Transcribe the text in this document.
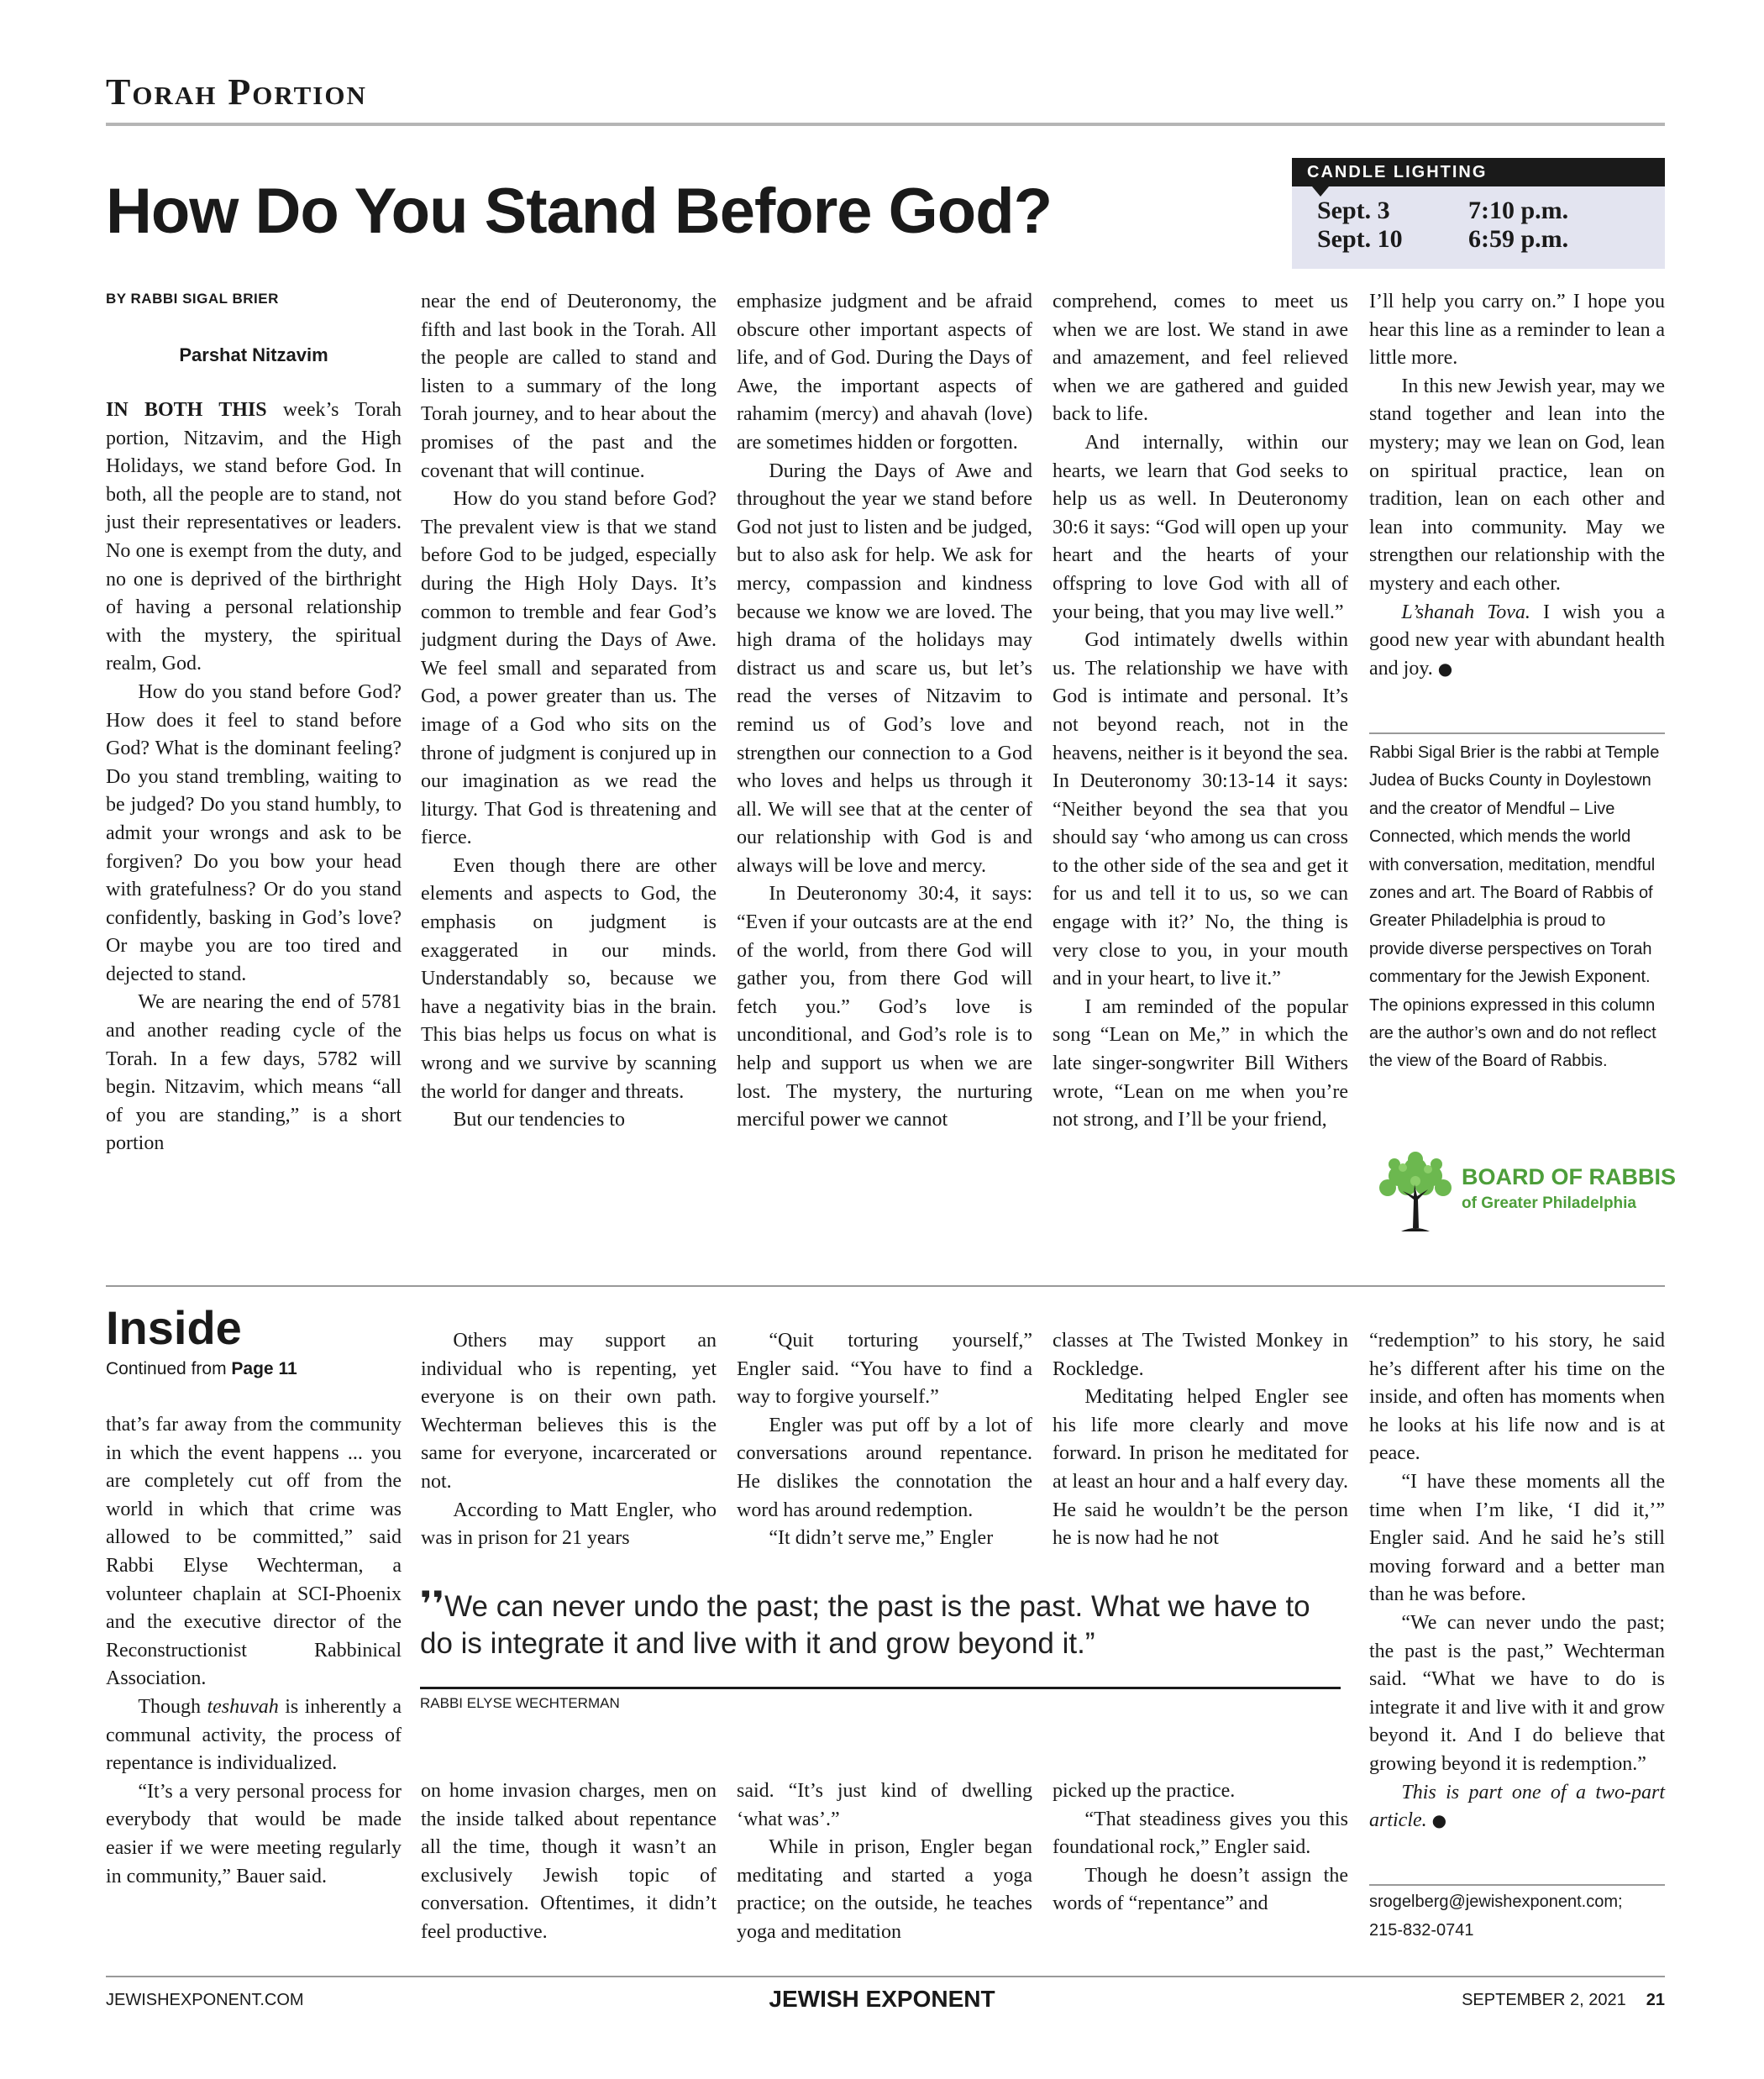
Torah Portion
How Do You Stand Before God?
CANDLE LIGHTING
Sept. 3	7:10 p.m.
Sept. 10	6:59 p.m.
BY RABBI SIGAL BRIER
Parshat Nitzavim

IN BOTH THIS week’s Torah portion, Nitzavim, and the High Holidays, we stand before God. In both, all the people are to stand, not just their representatives or leaders. No one is exempt from the duty, and no one is deprived of the birthright of having a personal relationship with the mystery, the spiritual realm, God.

How do you stand before God? How does it feel to stand before God? What is the dominant feeling? Do you stand trembling, waiting to be judged? Do you stand humbly, to admit your wrongs and ask to be forgiven? Do you bow your head with gratefulness? Or do you stand confidently, basking in God’s love? Or maybe you are too tired and dejected to stand.

We are nearing the end of 5781 and another reading cycle of the Torah. In a few days, 5782 will begin. Nitzavim, which means “all of you are standing,” is a short portion

near the end of Deuteronomy, the fifth and last book in the Torah. All the people are called to stand and listen to a summary of the long Torah journey, and to hear about the promises of the past and the covenant that will continue.

How do you stand before God? The prevalent view is that we stand before God to be judged, especially during the High Holy Days. It’s common to tremble and fear God’s judgment during the Days of Awe. We feel small and separated from God, a power greater than us. The image of a God who sits on the throne of judgment is conjured up in our imagination as we read the liturgy. That God is threatening and fierce.

Even though there are other elements and aspects to God, the emphasis on judgment is exaggerated in our minds. Understandably so, because we have a negativity bias in the brain. This bias helps us focus on what is wrong and we survive by scanning the world for danger and threats.

But our tendencies to

emphasize judgment and be afraid obscure other important aspects of life, and of God. During the Days of Awe, the important aspects of rahamim (mercy) and ahavah (love) are sometimes hidden or forgotten.

During the Days of Awe and throughout the year we stand before God not just to listen and be judged, but to also ask for help. We ask for mercy, compassion and kindness because we know we are loved. The high drama of the holidays may distract us and scare us, but let’s read the verses of Nitzavim to remind us of God’s love and strengthen our connection to a God who loves and helps us through it all. We will see that at the center of our relationship with God is and always will be love and mercy.

In Deuteronomy 30:4, it says: “Even if your outcasts are at the end of the world, from there God will gather you, from there God will fetch you.” God’s love is unconditional, and God’s role is to help and support us when we are lost. The mystery, the nurturing merciful power we cannot

comprehend, comes to meet us when we are lost. We stand in awe and amazement, and feel relieved when we are gathered and guided back to life.

And internally, within our hearts, we learn that God seeks to help us as well. In Deuteronomy 30:6 it says: “God will open up your heart and the hearts of your offspring to love God with all of your being, that you may live well.”

God intimately dwells within us. The relationship we have with God is intimate and personal. It’s not beyond reach, not in the heavens, neither is it beyond the sea. In Deuteronomy 30:13-14 it says: “Neither beyond the sea that you should say ‘who among us can cross to the other side of the sea and get it for us and tell it to us, so we can engage with it?’ No, the thing is very close to you, in your mouth and in your heart, to live it.”

I am reminded of the popular song “Lean on Me,” in which the late singer-songwriter Bill Withers wrote, “Lean on me when you’re not strong, and I’ll be your friend,

I’ll help you carry on.” I hope you hear this line as a reminder to lean a little more.

In this new Jewish year, may we stand together and lean into the mystery; may we lean on God, lean on spiritual practice, lean on tradition, lean on each other and lean into community. May we strengthen our relationship with the mystery and each other.

L’shanah Tova. I wish you a good new year with abundant health and joy. ●

Rabbi Sigal Brier is the rabbi at Temple Judea of Bucks County in Doylestown and the creator of Mendful – Live Connected, which mends the world with conversation, meditation, mendful zones and art. The Board of Rabbis of Greater Philadelphia is proud to provide diverse perspectives on Torah commentary for the Jewish Exponent. The opinions expressed in this column are the author’s own and do not reflect the view of the Board of Rabbis.
BOARD OF RABBIS
of Greater Philadelphia
Inside
Continued from Page 11

that’s far away from the community in which the event happens ... you are completely cut off from the world in which that crime was allowed to be committed,” said Rabbi Elyse Wechterman, a volunteer chaplain at SCI-Phoenix and the executive director of the Reconstructionist Rabbinical Association.

Though teshuvah is inherently a communal activity, the process of repentance is individualized.

“It’s a very personal process for everybody that would be made easier if we were meeting regularly in community,” Bauer said.

Others may support an individual who is repenting, yet everyone is on their own path. Wechterman believes this is the same for everyone, incarcerated or not.

According to Matt Engler, who was in prison for 21 years

on home invasion charges, men on the inside talked about repentance all the time, though it wasn’t an exclusively Jewish topic of conversation. Oftentimes, it didn’t feel productive.

“Quit torturing yourself,” Engler said. “You have to find a way to forgive yourself.”

Engler was put off by a lot of conversations around repentance. He dislikes the connotation the word has around redemption.

“It didn’t serve me,” Engler

said. “It’s just kind of dwelling ‘what was’.”

While in prison, Engler began meditating and started a yoga practice; on the outside, he teaches yoga and meditation

classes at The Twisted Monkey in Rockledge.

Meditating helped Engler see his life more clearly and move forward. In prison he meditated for at least an hour and a half every day. He said he wouldn’t be the person he is now had he not

picked up the practice.

“That steadiness gives you this foundational rock,” Engler said.

Though he doesn’t assign the words of “repentance” and

“redemption” to his story, he said he’s different after his time on the inside, and often has moments when he looks at his life now and is at peace.

“I have these moments all the time when I’m like, ‘I did it,’” Engler said. And he said he’s still moving forward and a better man than he was before.

“We can never undo the past; the past is the past,” Wechterman said. “What we have to do is integrate it and live with it and grow beyond it. And I do believe that growing beyond it is redemption.”

This is part one of a two-part article. ●

❜❜We can never undo the past; the past is the past. What we have to do is integrate it and live with it and grow beyond it.”
RABBI ELYSE WECHTERMAN
srogelberg@jewishexponent.com;
215-832-0741
JEWISHEXPONENT.COM	JEWISH EXPONENT	SEPTEMBER 2, 2021 21
